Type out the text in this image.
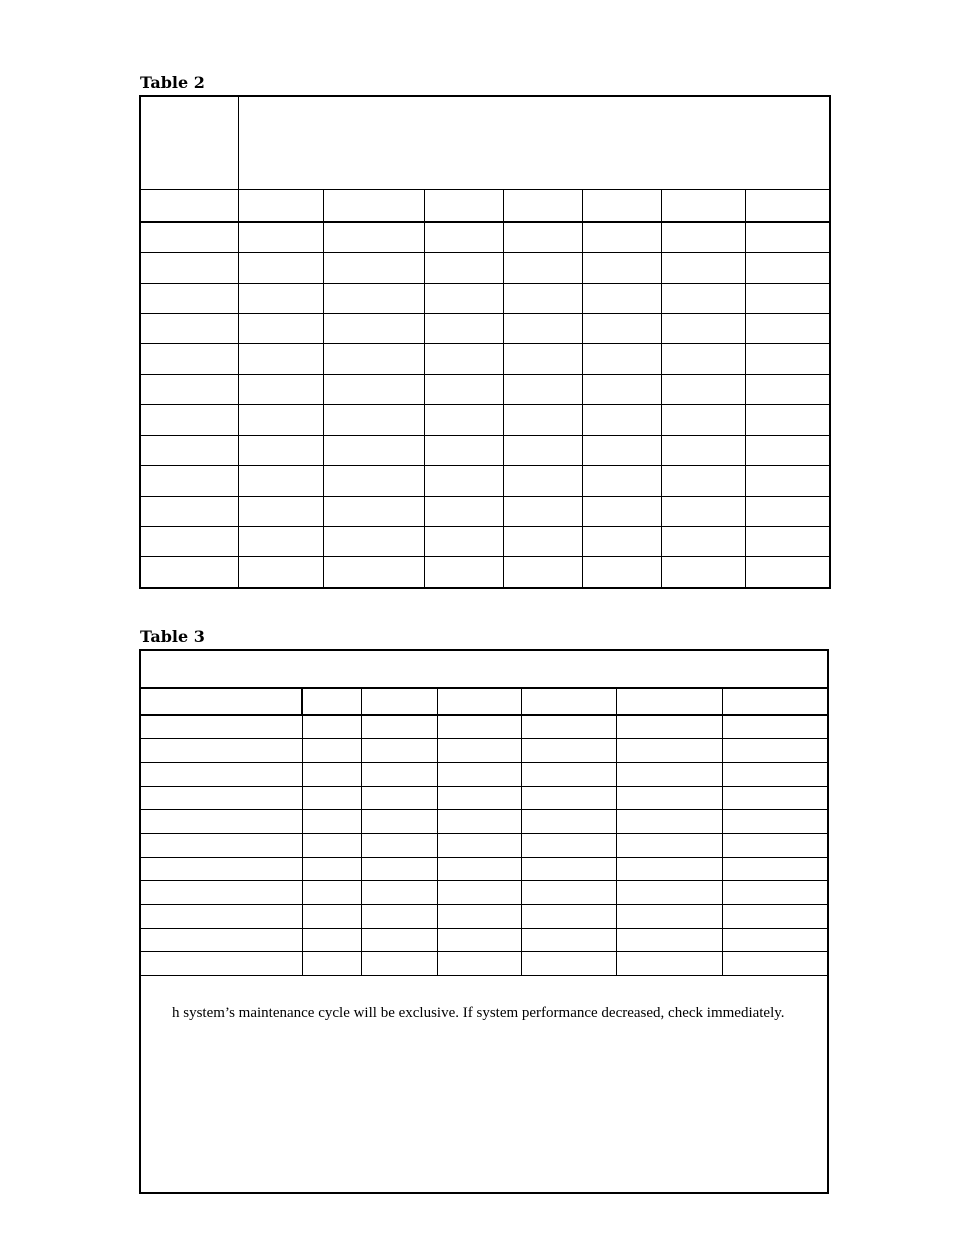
Table 2

Table 3

h system’s maintenance cycle will be exclusive. If system performance decreased, check immediately.						
